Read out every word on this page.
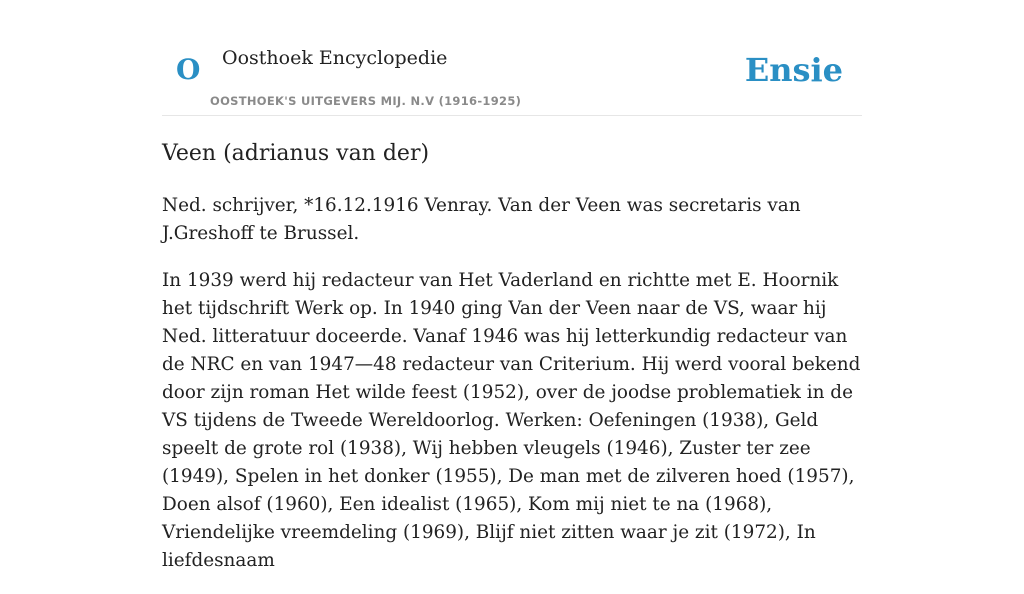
O Oosthoek Encyclopedie	Ensie
OOSTHOEK'S UITGEVERS MIJ. N.V (1916-1925)
Veen (adrianus van der)

Ned. schrijver, *16.12.1916 Venray. Van der Veen was secretaris van J.Greshoff te Brussel.

In 1939 werd hij redacteur van Het Vaderland en richtte met E. Hoornik het tijdschrift Werk op. In 1940 ging Van der Veen naar de VS, waar hij Ned. litteratuur doceerde. Vanaf 1946 was hij letterkundig redacteur van de NRC en van 1947—48 redacteur van Criterium. Hij werd vooral bekend door zijn roman Het wilde feest (1952), over de joodse problematiek in de VS tijdens de Tweede Wereldoorlog. Werken: Oefeningen (1938), Geld speelt de grote rol (1938), Wij hebben vleugels (1946), Zuster ter zee (1949), Spelen in het donker (1955), De man met de zilveren hoed (1957), Doen alsof (1960), Een idealist (1965), Kom mij niet te na (1968), Vriendelijke vreemdeling (1969), Blijf niet zitten waar je zit (1972), In liefdesnaam
